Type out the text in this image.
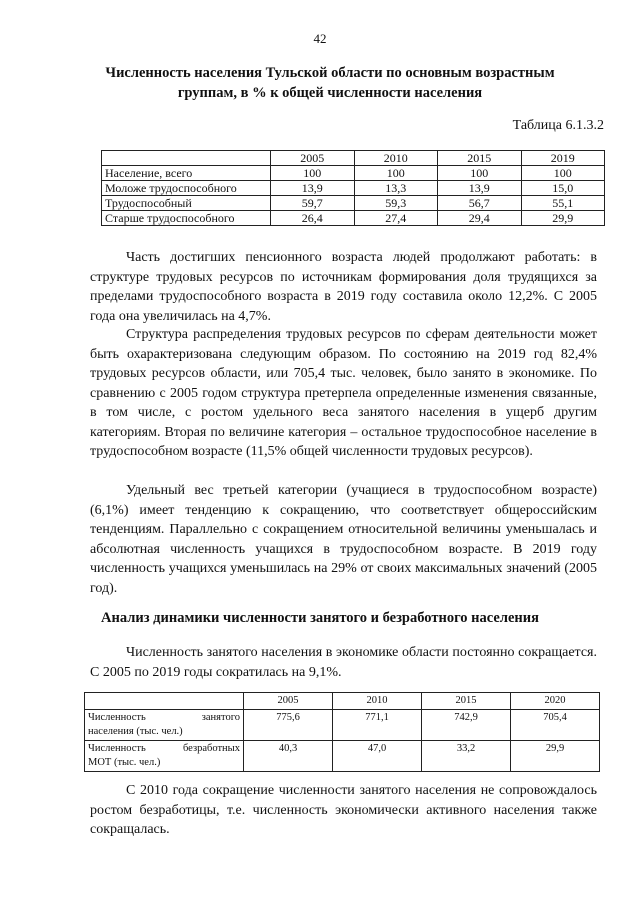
42
Численность населения Тульской области по основным возрастным группам, в % к общей численности населения
Таблица 6.1.3.2
	2005	2010	2015	2019
Население, всего	100	100	100	100
Моложе трудоспособного	13,9	13,3	13,9	15,0
Трудоспособный	59,7	59,3	56,7	55,1
Старше трудоспособного	26,4	27,4	29,4	29,9

Часть достигших пенсионного возраста людей продолжают работать: в структуре трудовых ресурсов по источникам формирования доля трудящихся за пределами трудоспособного возраста в 2019 году составила около 12,2%. С 2005 года она увеличилась на 4,7%.

Структура распределения трудовых ресурсов по сферам деятельности может быть охарактеризована следующим образом. По состоянию на 2019 год 82,4% трудовых ресурсов области, или 705,4 тыс. человек, было занято в экономике. По сравнению с 2005 годом структура претерпела определенные изменения связанные, в том числе, с ростом удельного веса занятого населения в ущерб другим категориям. Вторая по величине категория – остальное трудоспособное население в трудоспособном возрасте (11,5% общей численности трудовых ресурсов).

Удельный вес третьей категории (учащиеся в трудоспособном возрасте) (6,1%) имеет тенденцию к сокращению, что соответствует общероссийским тенденциям. Параллельно с сокращением относительной величины уменьшалась и абсолютная численность учащихся в трудоспособном возрасте. В 2019 году численность учащихся уменьшилась на 29% от своих максимальных значений (2005 год).

Анализ динамики численности занятого и безработного населения

Численность занятого населения в экономике области постоянно сокращается. С 2005 по 2019 годы сократилась на 9,1%.

	2005	2010	2015	2020

Численность занятого
населения (тыс. чел.)	775,6	771,1	742,9	705,4

Численность безработных
МОТ (тыс. чел.)	40,3	47,0	33,2	29,9

С 2010 года сокращение численности занятого населения не сопровождалось ростом безработицы, т.е. численность экономически активного населения также сокращалась.
